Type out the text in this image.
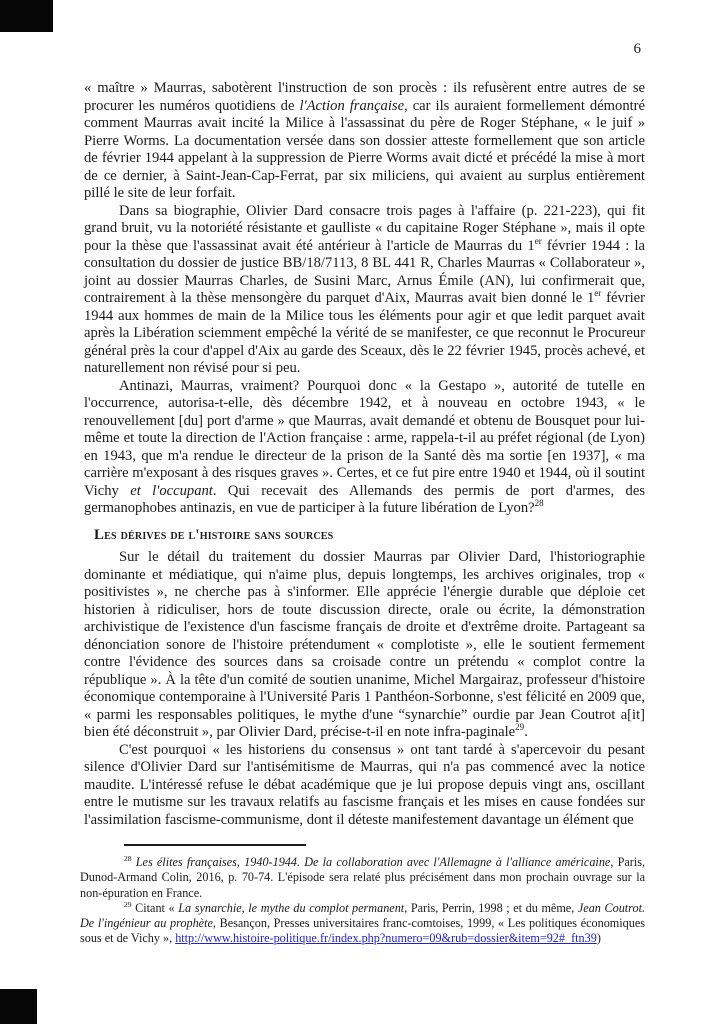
6

« maître » Maurras, sabotèrent l'instruction de son procès : ils refusèrent entre autres de se procurer les numéros quotidiens de l'Action française, car ils auraient formellement démontré comment Maurras avait incité la Milice à l'assassinat du père de Roger Stéphane, « le juif » Pierre Worms. La documentation versée dans son dossier atteste formellement que son article de février 1944 appelant à la suppression de Pierre Worms avait dicté et précédé la mise à mort de ce dernier, à Saint-Jean-Cap-Ferrat, par six miliciens, qui avaient au surplus entièrement pillé le site de leur forfait.

Dans sa biographie, Olivier Dard consacre trois pages à l'affaire (p. 221-223), qui fit grand bruit, vu la notoriété résistante et gaulliste « du capitaine Roger Stéphane », mais il opte pour la thèse que l'assassinat avait été antérieur à l'article de Maurras du 1er février 1944 : la consultation du dossier de justice BB/18/7113, 8 BL 441 R, Charles Maurras « Collaborateur », joint au dossier Maurras Charles, de Susini Marc, Arnus Émile (AN), lui confirmerait que, contrairement à la thèse mensongère du parquet d'Aix, Maurras avait bien donné le 1er février 1944 aux hommes de main de la Milice tous les éléments pour agir et que ledit parquet avait après la Libération sciemment empêché la vérité de se manifester, ce que reconnut le Procureur général près la cour d'appel d'Aix au garde des Sceaux, dès le 22 février 1945, procès achevé, et naturellement non révisé pour si peu.

Antinazi, Maurras, vraiment? Pourquoi donc « la Gestapo », autorité de tutelle en l'occurrence, autorisa-t-elle, dès décembre 1942, et à nouveau en octobre 1943, « le renouvellement [du] port d'arme » que Maurras, avait demandé et obtenu de Bousquet pour lui-même et toute la direction de l'Action française : arme, rappela-t-il au préfet régional (de Lyon) en 1943, que m'a rendue le directeur de la prison de la Santé dès ma sortie [en 1937], « ma carrière m'exposant à des risques graves ». Certes, et ce fut pire entre 1940 et 1944, où il soutint Vichy et l'occupant. Qui recevait des Allemands des permis de port d'armes, des germanophobes antinazis, en vue de participer à la future libération de Lyon?$^{28}$

Les dérives de l'histoire sans sources

Sur le détail du traitement du dossier Maurras par Olivier Dard, l'historiographie dominante et médiatique, qui n'aime plus, depuis longtemps, les archives originales, trop « positivistes », ne cherche pas à s'informer. Elle apprécie l'énergie durable que déploie cet historien à ridiculiser, hors de toute discussion directe, orale ou écrite, la démonstration archivistique de l'existence d'un fascisme français de droite et d'extrême droite. Partageant sa dénonciation sonore de l'histoire prétendument « complotiste », elle le soutient fermement contre l'évidence des sources dans sa croisade contre un prétendu « complot contre la république ». À la tête d'un comité de soutien unanime, Michel Margairaz, professeur d'histoire économique contemporaine à l'Université Paris 1 Panthéon-Sorbonne, s'est félicité en 2009 que, « parmi les responsables politiques, le mythe d'une “synarchie” ourdie par Jean Coutrot a[it] bien été déconstruit », par Olivier Dard, précise-t-il en note infra-paginale$^{29}$.

C'est pourquoi « les historiens du consensus » ont tant tardé à s'apercevoir du pesant silence d'Olivier Dard sur l'antisémitisme de Maurras, qui n'a pas commencé avec la notice maudite. L'intéressé refuse le débat académique que je lui propose depuis vingt ans, oscillant entre le mutisme sur les travaux relatifs au fascisme français et les mises en cause fondées sur l'assimilation fascisme-communisme, dont il déteste manifestement davantage un élément que

$^{28}$ Les élites françaises, 1940-1944. De la collaboration avec l'Allemagne à l'alliance américaine, Paris, Dunod-Armand Colin, 2016, p. 70-74. L'épisode sera relaté plus précisément dans mon prochain ouvrage sur la non-épuration en France.

$^{29}$ Citant « La synarchie, le mythe du complot permanent, Paris, Perrin, 1998 ; et du même, Jean Coutrot. De l'ingénieur au prophète, Besançon, Presses universitaires franc-comtoises, 1999, « Les politiques économiques sous et de Vichy », http://www.histoire-politique.fr/index.php?numero=09&rub=dossier&item=92#_ftn39)
